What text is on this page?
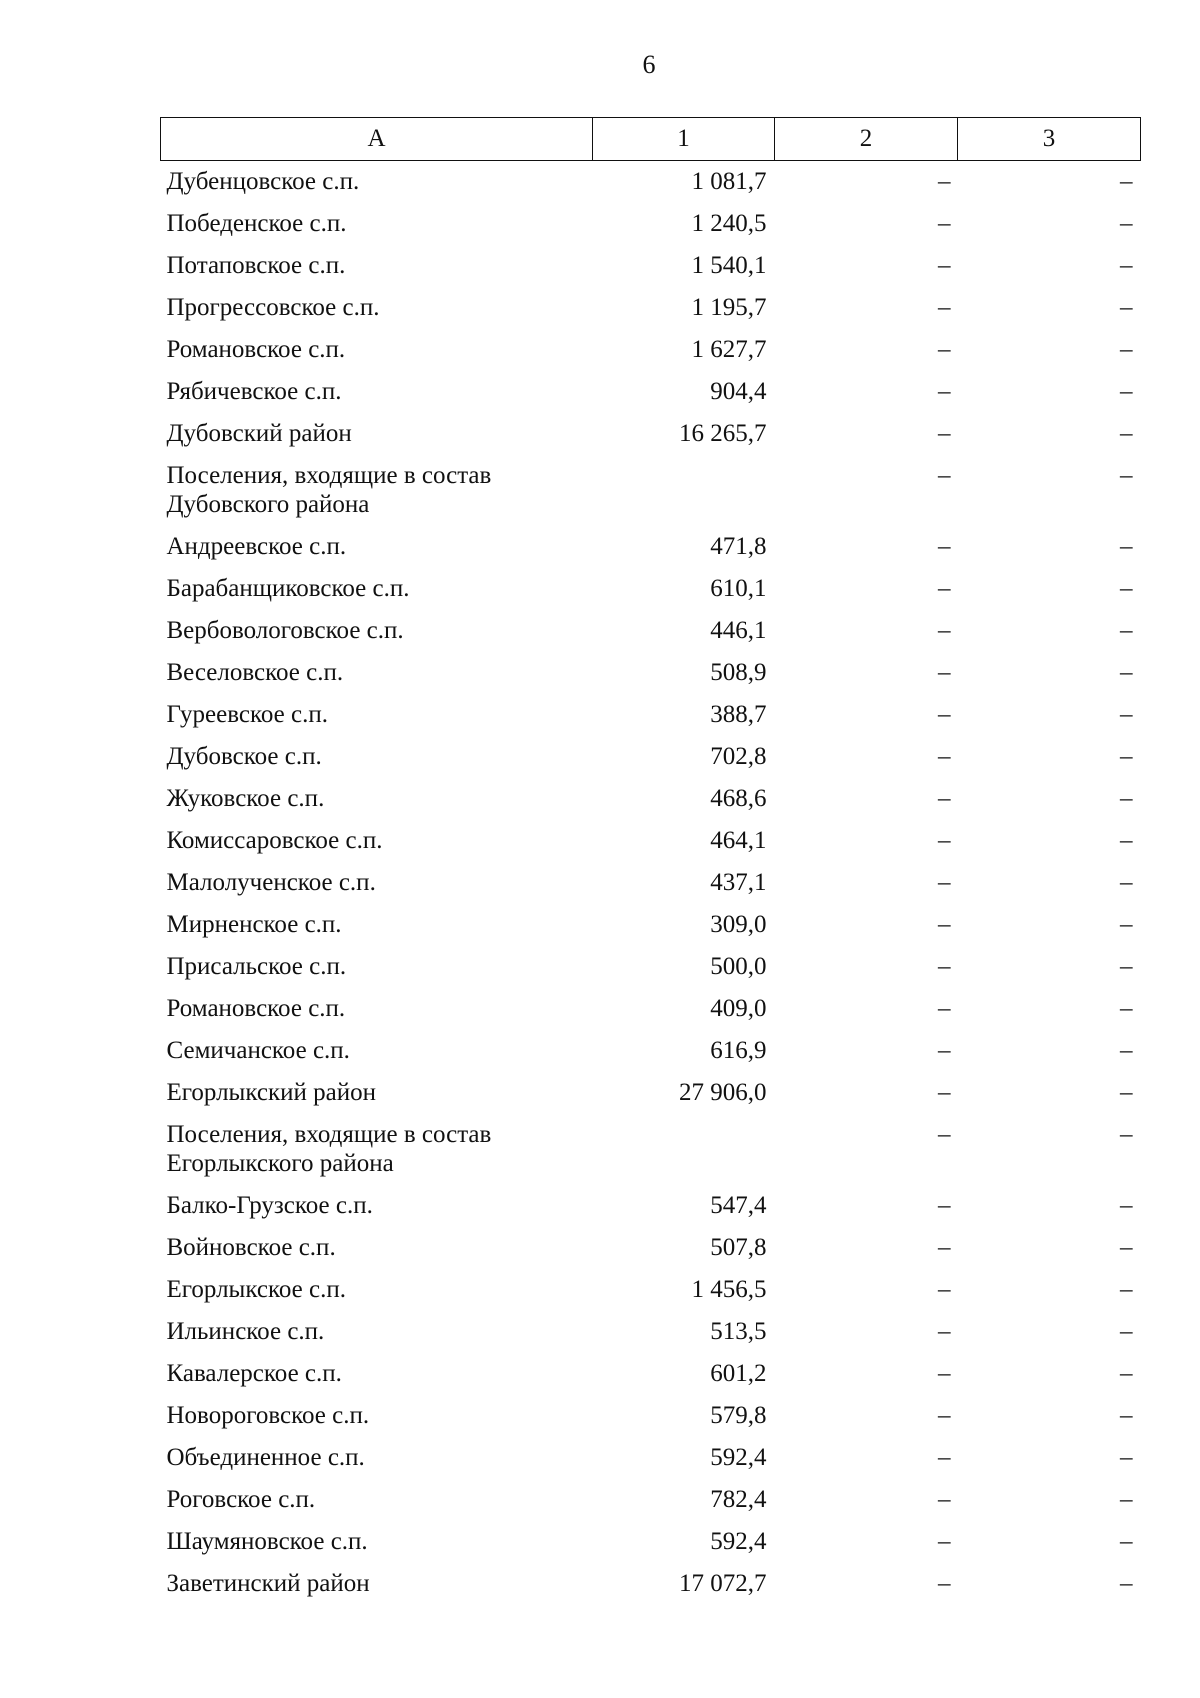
6
А	1	2	3
Дубенцовское с.п.	1 081,7	–	–
Победенское с.п.	1 240,5	–	–
Потаповское с.п.	1 540,1	–	–
Прогрессовское с.п.	1 195,7	–	–
Романовское с.п.	1 627,7	–	–
Рябичевское с.п.	904,4	–	–
Дубовский район	16 265,7	–	–
Поселения, входящие в состав
Дубовского района		–	–
Андреевское с.п.	471,8	–	–
Барабанщиковское с.п.	610,1	–	–
Вербовологовское с.п.	446,1	–	–
Веселовское с.п.	508,9	–	–
Гуреевское с.п.	388,7	–	–
Дубовское с.п.	702,8	–	–
Жуковское с.п.	468,6	–	–
Комиссаровское с.п.	464,1	–	–
Малолученское с.п.	437,1	–	–
Мирненское с.п.	309,0	–	–
Присальское с.п.	500,0	–	–
Романовское с.п.	409,0	–	–
Семичанское с.п.	616,9	–	–
Егорлыкский район	27 906,0	–	–
Поселения, входящие в состав
Егорлыкского района		–	–
Балко-Грузское с.п.	547,4	–	–
Войновское с.п.	507,8	–	–
Егорлыкское с.п.	1 456,5	–	–
Ильинское с.п.	513,5	–	–
Кавалерское с.п.	601,2	–	–
Новороговское с.п.	579,8	–	–
Объединенное с.п.	592,4	–	–
Роговское с.п.	782,4	–	–
Шаумяновское с.п.	592,4	–	–
Заветинский район	17 072,7	–	–
